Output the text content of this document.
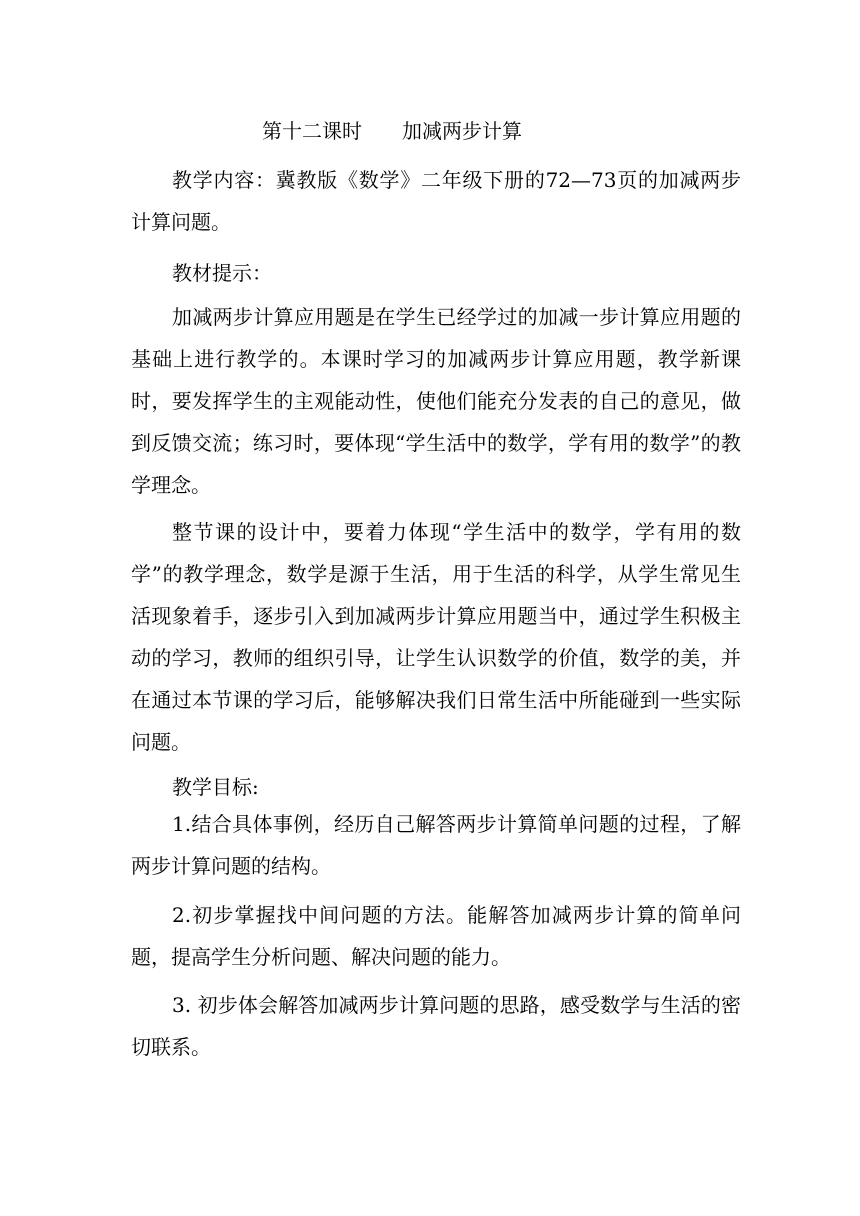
第十二课时　　加减两步计算

教学内容：冀教版《数学》二年级下册的72—73页的加减两步计算问题。

教材提示：

加减两步计算应用题是在学生已经学过的加减一步计算应用题的基础上进行教学的。本课时学习的加减两步计算应用题，教学新课时，要发挥学生的主观能动性，使他们能充分发表的自己的意见，做到反馈交流；练习时，要体现“学生活中的数学，学有用的数学”的教学理念。

整节课的设计中，要着力体现“学生活中的数学，学有用的数学”的教学理念，数学是源于生活，用于生活的科学，从学生常见生活现象着手，逐步引入到加减两步计算应用题当中，通过学生积极主动的学习，教师的组织引导，让学生认识数学的价值，数学的美，并在通过本节课的学习后，能够解决我们日常生活中所能碰到一些实际问题。

教学目标:

1.结合具体事例，经历自己解答两步计算简单问题的过程，了解两步计算问题的结构。

2.初步掌握找中间问题的方法。能解答加减两步计算的简单问题，提高学生分析问题、解决问题的能力。

3. 初步体会解答加减两步计算问题的思路，感受数学与生活的密切联系。
